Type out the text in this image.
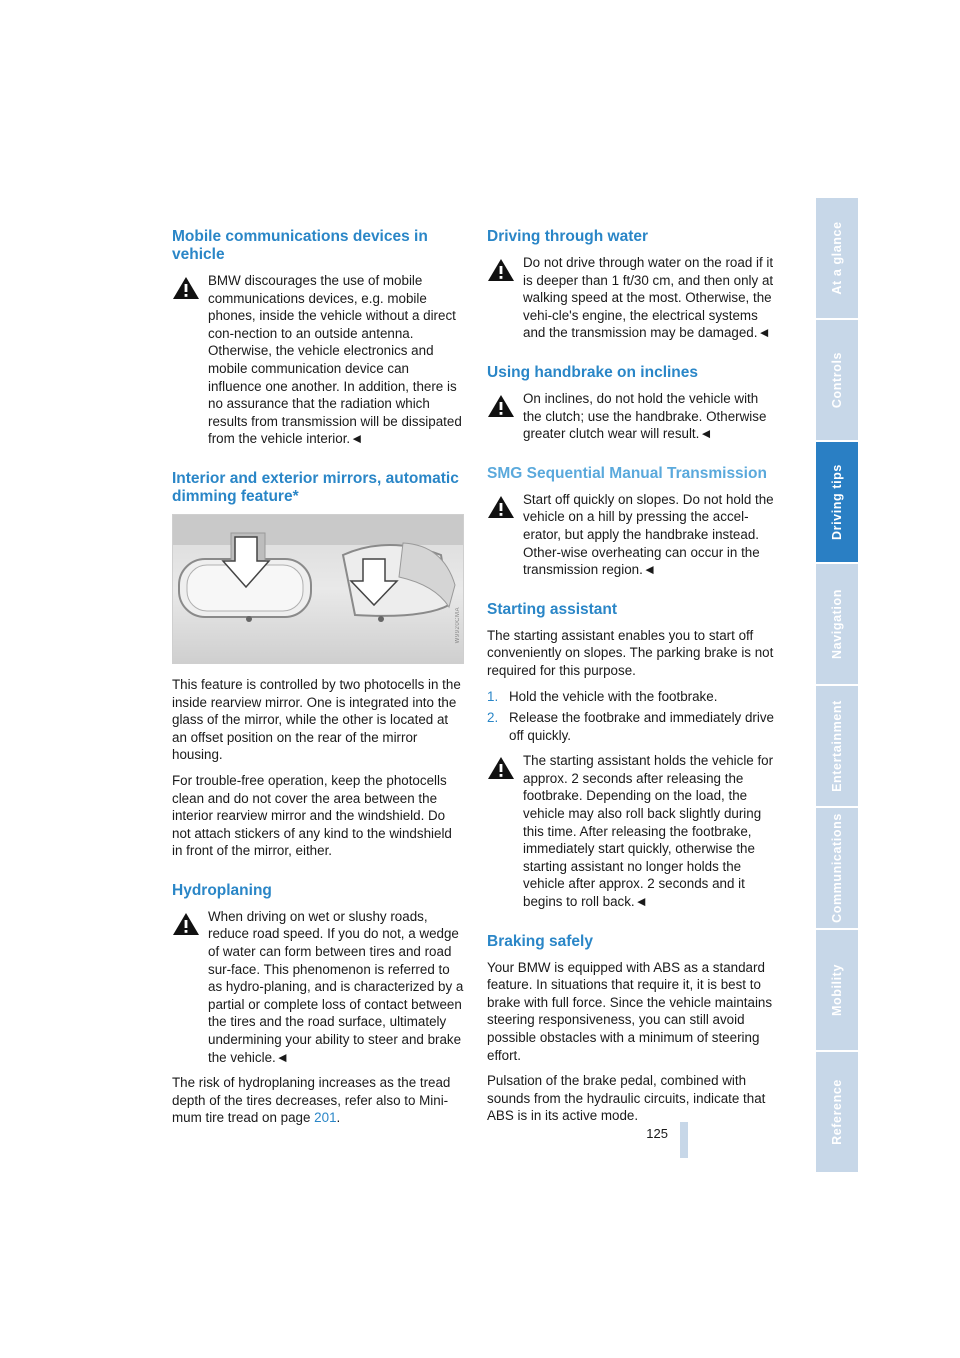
Mobile communications devices in vehicle

BMW discourages the use of mobile communications devices, e.g. mobile phones, inside the vehicle without a direct con-nection to an outside antenna. Otherwise, the vehicle electronics and mobile communication device can influence one another. In addition, there is no assurance that the radiation which results from transmission will be dissipated from the vehicle interior.◄

Interior and exterior mirrors, automatic dimming feature*
W9920CMA

This feature is controlled by two photocells in the inside rearview mirror. One is integrated into the glass of the mirror, while the other is located at an offset position on the rear of the mirror housing.

For trouble-free operation, keep the photocells clean and do not cover the area between the interior rearview mirror and the windshield. Do not attach stickers of any kind to the windshield in front of the mirror, either.

Hydroplaning

When driving on wet or slushy roads, reduce road speed. If you do not, a wedge of water can form between tires and road sur-face. This phenomenon is referred to as hydro-planing, and is characterized by a partial or complete loss of contact between the tires and the road surface, ultimately undermining your ability to steer and brake the vehicle.◄

The risk of hydroplaning increases as the tread depth of the tires decreases, refer also to Mini-mum tire tread on page 201.

Driving through water

Do not drive through water on the road if it is deeper than 1 ft/30 cm, and then only at walking speed at the most. Otherwise, the vehi-cle's engine, the electrical systems and the transmission may be damaged.◄

Using handbrake on inclines

On inclines, do not hold the vehicle with the clutch; use the handbrake. Otherwise greater clutch wear will result.◄

SMG Sequential Manual Transmission

Start off quickly on slopes. Do not hold the vehicle on a hill by pressing the accel-erator, but apply the handbrake instead. Other-wise overheating can occur in the transmission region.◄

Starting assistant

The starting assistant enables you to start off conveniently on slopes. The parking brake is not required for this purpose.

1. Hold the vehicle with the footbrake.
2. Release the footbrake and immediately drive off quickly.

The starting assistant holds the vehicle for approx. 2 seconds after releasing the footbrake. Depending on the load, the vehicle may also roll back slightly during this time. After releasing the footbrake, immediately start quickly, otherwise the starting assistant no longer holds the vehicle after approx. 2 seconds and it begins to roll back.◄

Braking safely

Your BMW is equipped with ABS as a standard feature. In situations that require it, it is best to brake with full force. Since the vehicle maintains steering responsiveness, you can still avoid possible obstacles with a minimum of steering effort.

Pulsation of the brake pedal, combined with sounds from the hydraulic circuits, indicate that ABS is in its active mode.

At a glance
Controls
Driving tips
Navigation
Entertainment
Communications
Mobility
Reference
125
